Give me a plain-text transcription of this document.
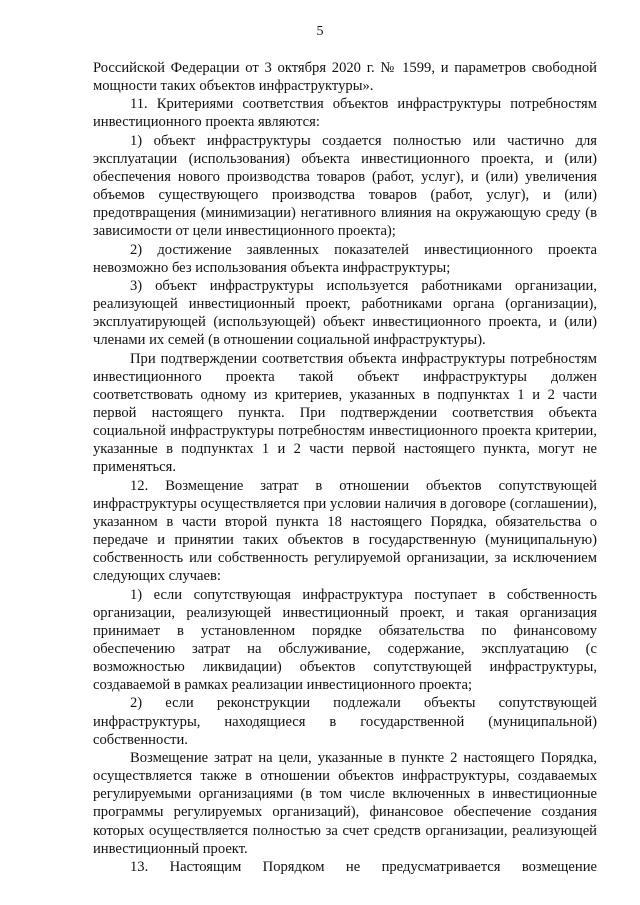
5

Российской Федерации от 3 октября 2020 г. № 1599, и параметров свободной мощности таких объектов инфраструктуры».

11. Критериями соответствия объектов инфраструктуры потребностям инвестиционного проекта являются:

1) объект инфраструктуры создается полностью или частично для эксплуатации (использования) объекта инвестиционного проекта, и (или) обеспечения нового производства товаров (работ, услуг), и (или) увеличения объемов существующего производства товаров (работ, услуг), и (или) предотвращения (минимизации) негативного влияния на окружающую среду (в зависимости от цели инвестиционного проекта);

2) достижение заявленных показателей инвестиционного проекта невозможно без использования объекта инфраструктуры;

3) объект инфраструктуры используется работниками организации, реализующей инвестиционный проект, работниками органа (организации), эксплуатирующей (использующей) объект инвестиционного проекта, и (или) членами их семей (в отношении социальной инфраструктуры).

При подтверждении соответствия объекта инфраструктуры потребностям инвестиционного проекта такой объект инфраструктуры должен соответствовать одному из критериев, указанных в подпунктах 1 и 2 части первой настоящего пункта. При подтверждении соответствия объекта социальной инфраструктуры потребностям инвестиционного проекта критерии, указанные в подпунктах 1 и 2 части первой настоящего пункта, могут не применяться.

12. Возмещение затрат в отношении объектов сопутствующей инфраструктуры осуществляется при условии наличия в договоре (соглашении), указанном в части второй пункта 18 настоящего Порядка, обязательства о передаче и принятии таких объектов в государственную (муниципальную) собственность или собственность регулируемой организации, за исключением следующих случаев:

1) если сопутствующая инфраструктура поступает в собственность организации, реализующей инвестиционный проект, и такая организация принимает в установленном порядке обязательства по финансовому обеспечению затрат на обслуживание, содержание, эксплуатацию (с возможностью ликвидации) объектов сопутствующей инфраструктуры, создаваемой в рамках реализации инвестиционного проекта;

2) если реконструкции подлежали объекты сопутствующей инфраструктуры, находящиеся в государственной (муниципальной) собственности.

Возмещение затрат на цели, указанные в пункте 2 настоящего Порядка, осуществляется также в отношении объектов инфраструктуры, создаваемых регулируемыми организациями (в том числе включенных в инвестиционные программы регулируемых организаций), финансовое обеспечение создания которых осуществляется полностью за счет средств организации, реализующей инвестиционный проект.

13. Настоящим Порядком не предусматривается возмещение
